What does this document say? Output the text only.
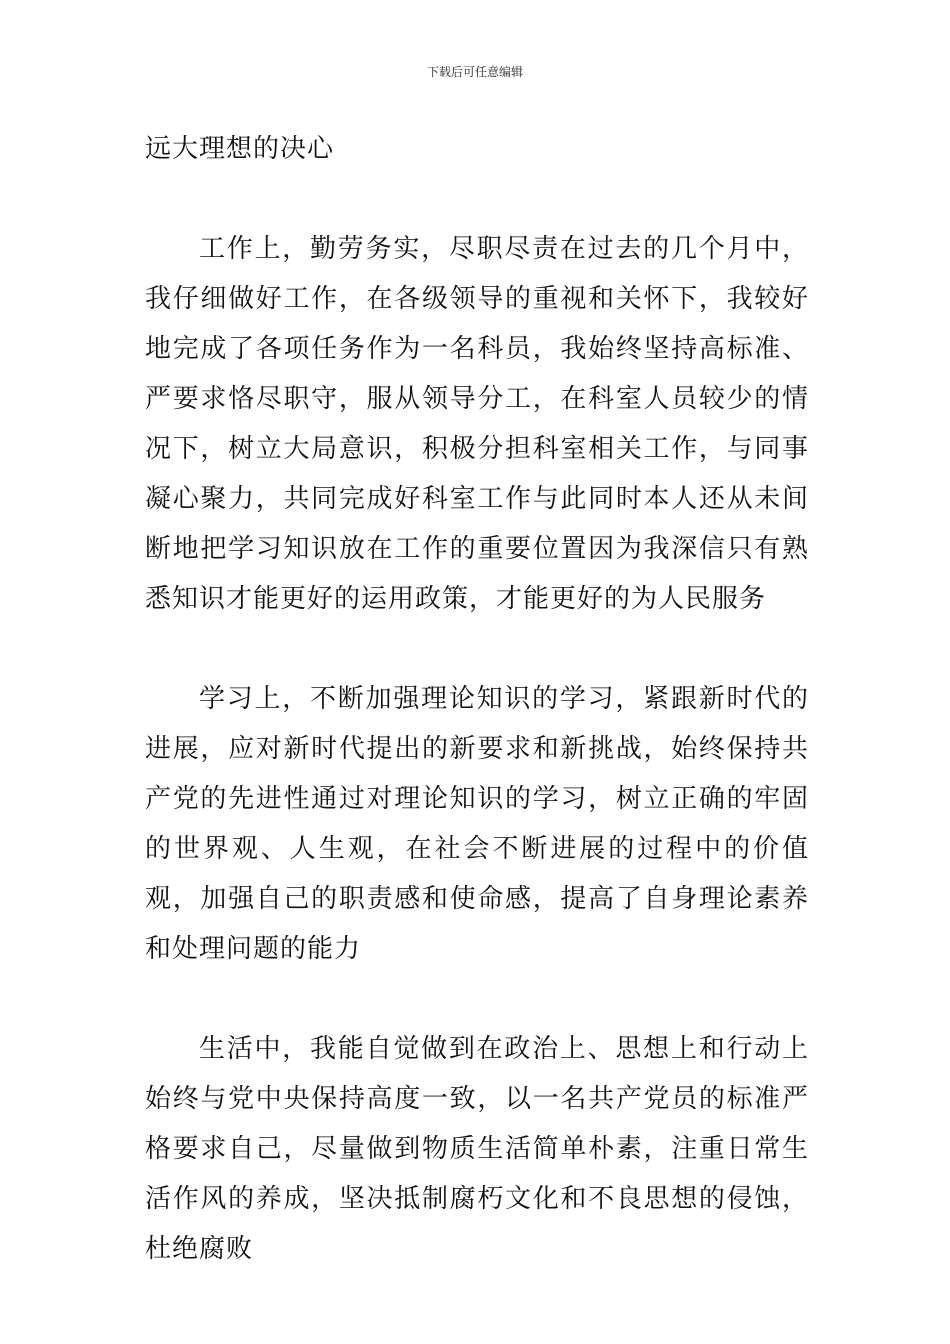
下载后可任意编辑

远大理想的决心

工作上，勤劳务实，尽职尽责在过去的几个月中，我仔细做好工作，在各级领导的重视和关怀下，我较好地完成了各项任务作为一名科员，我始终坚持高标准、严要求恪尽职守，服从领导分工，在科室人员较少的情况下，树立大局意识，积极分担科室相关工作，与同事凝心聚力，共同完成好科室工作与此同时本人还从未间断地把学习知识放在工作的重要位置因为我深信只有熟悉知识才能更好的运用政策，才能更好的为人民服务

学习上，不断加强理论知识的学习，紧跟新时代的进展，应对新时代提出的新要求和新挑战，始终保持共产党的先进性通过对理论知识的学习，树立正确的牢固的世界观、人生观，在社会不断进展的过程中的价值观，加强自己的职责感和使命感，提高了自身理论素养和处理问题的能力

生活中，我能自觉做到在政治上、思想上和行动上始终与党中央保持高度一致，以一名共产党员的标准严格要求自己，尽量做到物质生活简单朴素，注重日常生活作风的养成，坚决抵制腐朽文化和不良思想的侵蚀，杜绝腐败
